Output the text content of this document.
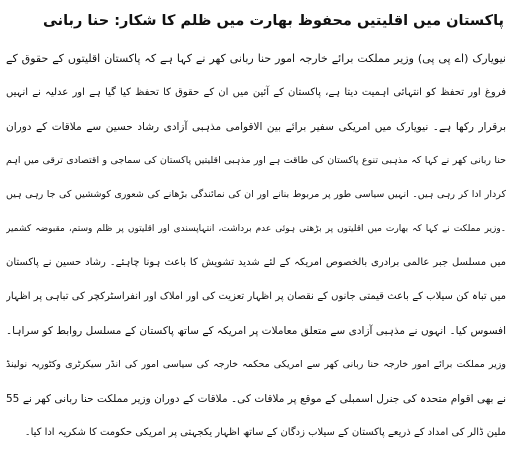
پاکستان میں اقلیتیں محفوظ بھارت میں ظلم کا شکار: حنا ربانی
نیویارک (اے پی پی) وزیر مملکت برائے خارجہ امور حنا ربانی کھر نے کہا ہے کہ پاکستان اقلیتوں کے حقوق کے
فروغ اور تحفظ کو انتہائی اہمیت دیتا ہے، پاکستان کے آئین میں ان کے حقوق کا تحفظ کیا گیا ہے اور عدلیہ نے انہیں
برقرار رکھا ہے۔ نیویارک میں امریکی سفیر برائے بین الاقوامی مذہبی آزادی رشاد حسین سے ملاقات کے دوران
حنا ربانی کھر نے کہا کہ مذہبی تنوع پاکستان کی طاقت ہے اور مذہبی اقلیتیں پاکستان کی سماجی و اقتصادی ترقی میں اہم
کردار ادا کر رہی ہیں۔ انہیں سیاسی طور پر مربوط بنانے اور ان کی نمائندگی بڑھانے کی شعوری کوششیں کی جا رہی ہیں
۔وزیر مملکت نے کہا کہ بھارت میں اقلیتوں پر بڑھتی ہوئی عدم برداشت، انتہاپسندی اور اقلیتوں پر ظلم وستم، مقبوضہ کشمیر
میں مسلسل جبر عالمی برادری بالخصوص امریکہ کے لئے شدید تشویش کا باعث ہونا چاہئے۔ رشاد حسین نے پاکستان
میں تباہ کن سیلاب کے باعث قیمتی جانوں کے نقصان پر اظہار تعزیت کی اور املاک اور انفراسٹرکچر کی تباہی پر اظہار
افسوس کیا۔ انہوں نے مذہبی آزادی سے متعلق معاملات پر امریکہ کے ساتھ پاکستان کے مسلسل روابط کو سراہا۔
وزیر مملکت برائے امور خارجہ حنا ربانی کھر سے امریکی محکمہ خارجہ کی سیاسی امور کی انڈر سیکرٹری وکٹوریہ نولینڈ
نے بھی اقوام متحدہ کی جنرل اسمبلی کے موقع پر ملاقات کی۔ ملاقات کے دوران وزیر مملکت حنا ربانی کھر نے 55
ملین ڈالر کی امداد کے ذریعے پاکستان کے سیلاب زدگان کے ساتھ اظہار یکجہتی پر امریکی حکومت کا شکریہ ادا کیا۔
